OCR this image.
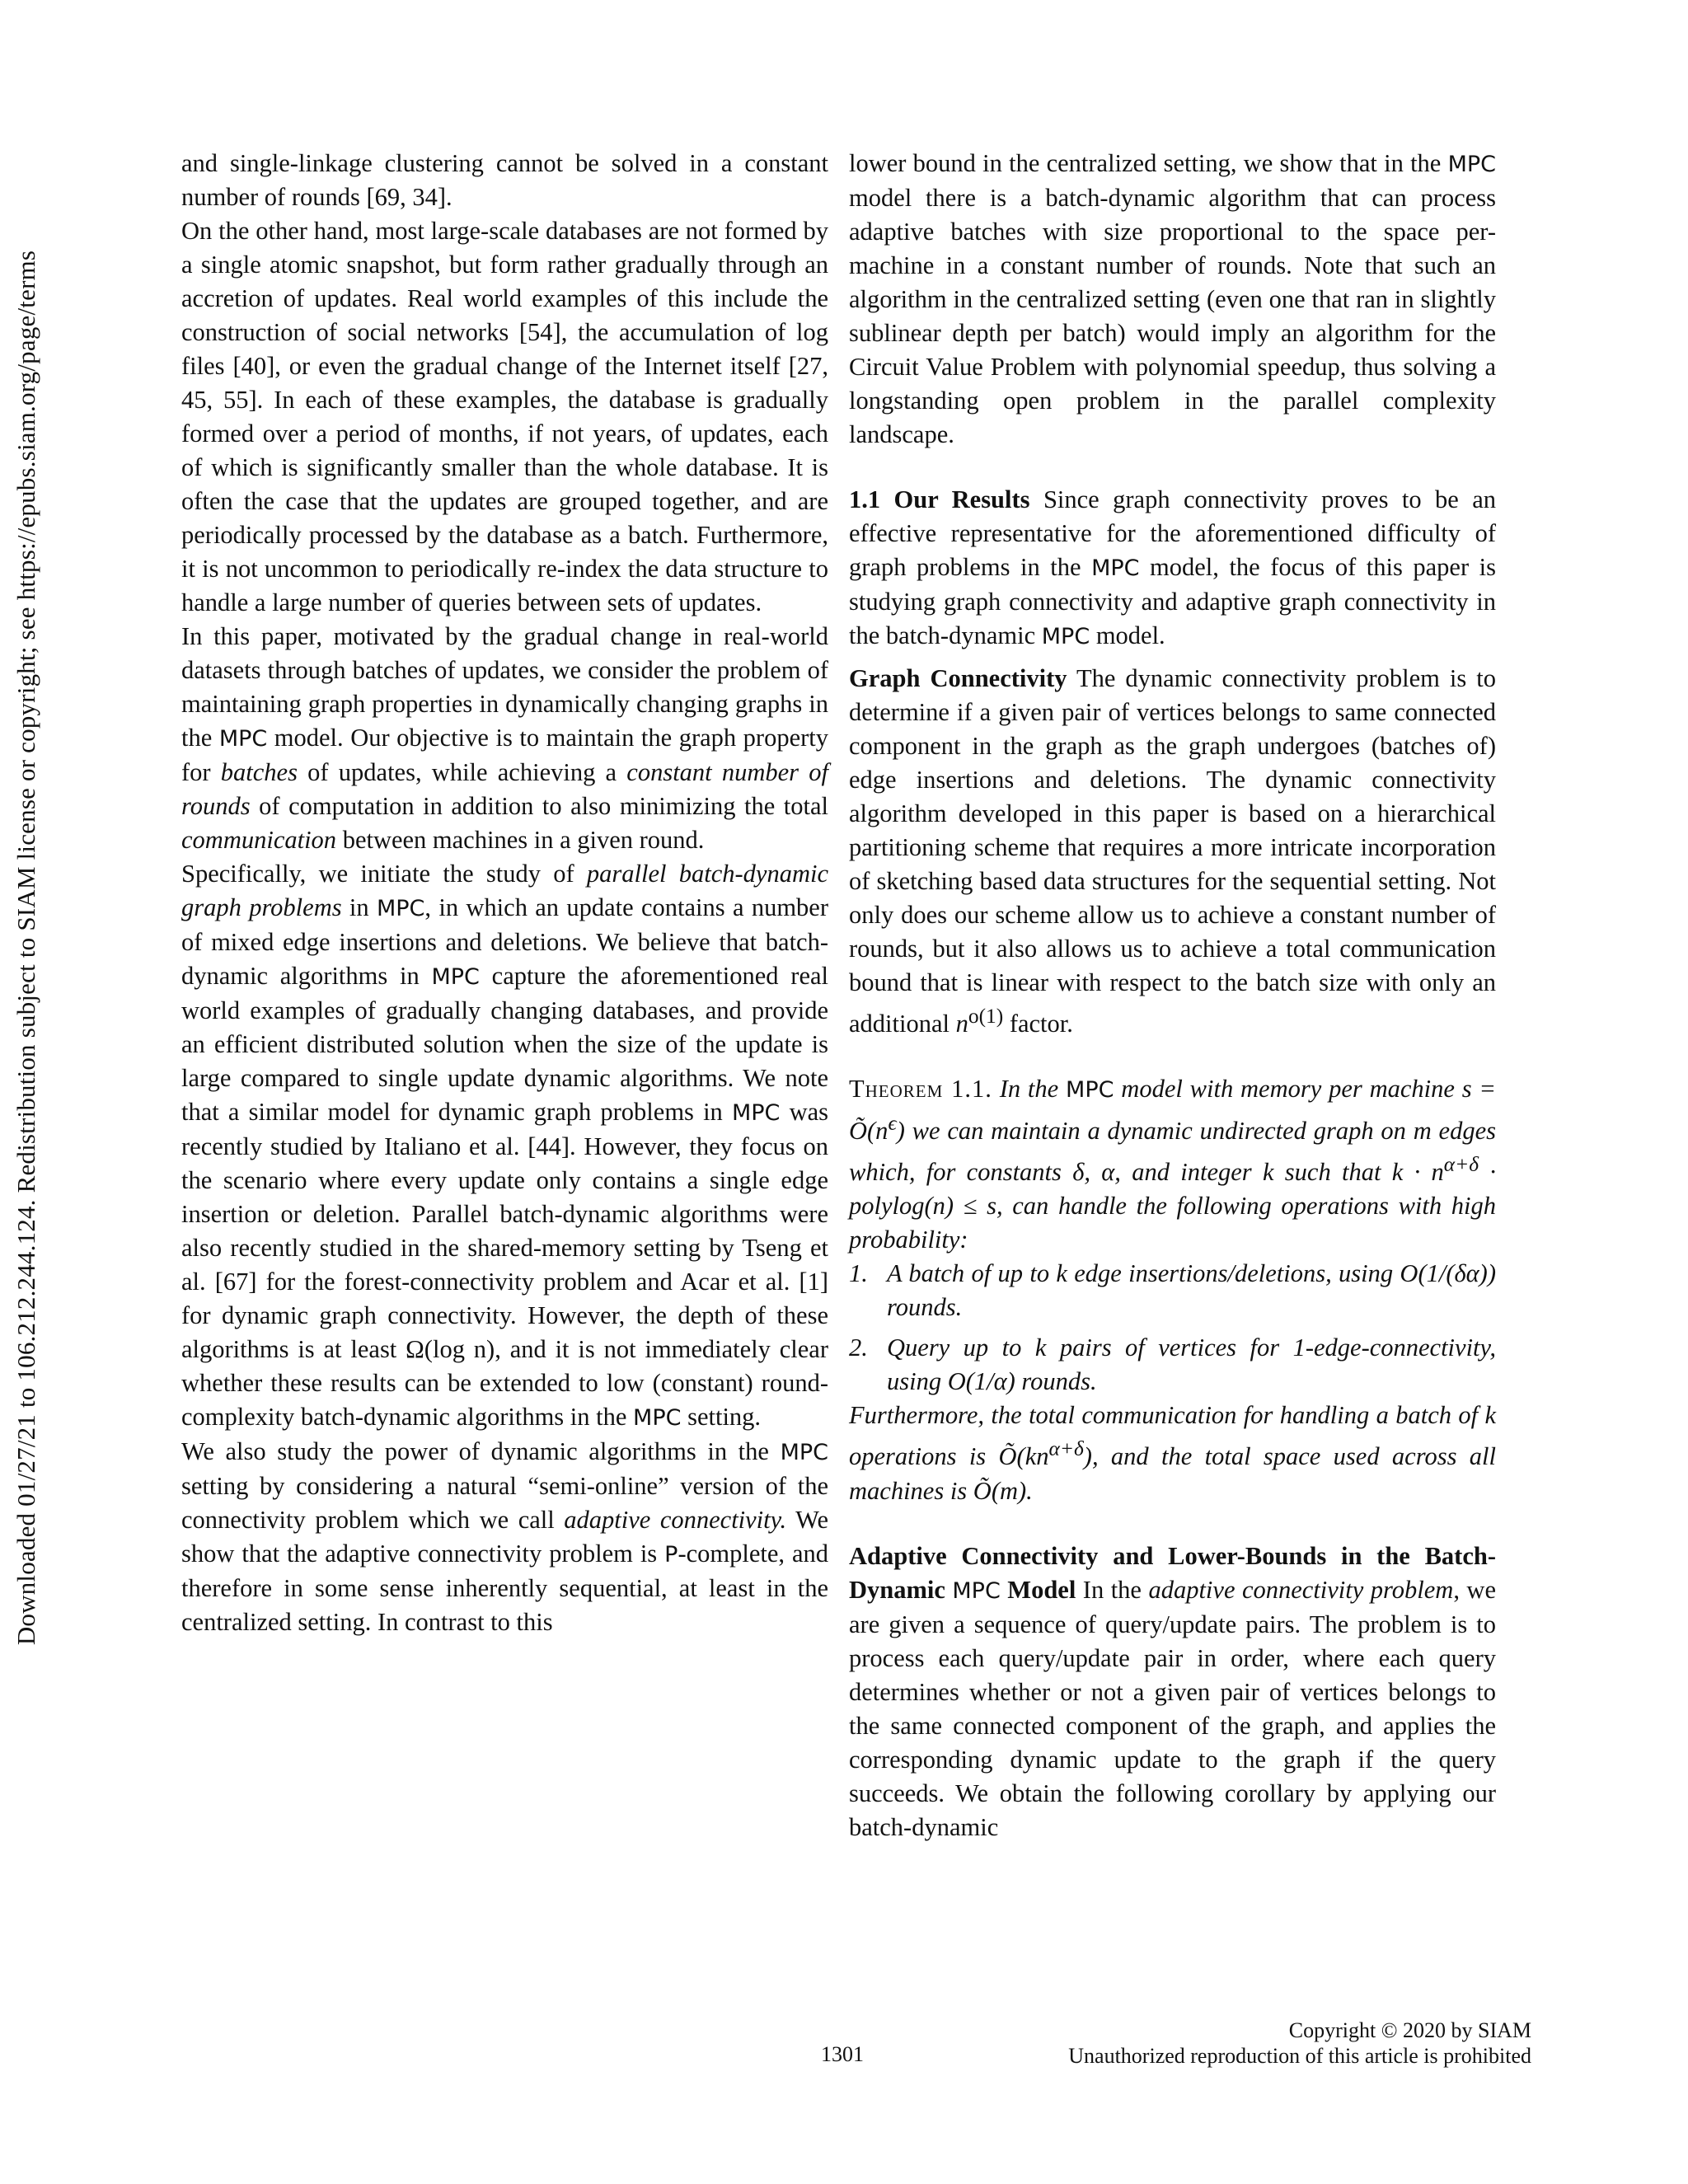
Downloaded 01/27/21 to 106.212.244.124. Redistribution subject to SIAM license or copyright; see https://epubs.siam.org/page/terms

and single-linkage clustering cannot be solved in a constant number of rounds [69, 34].

On the other hand, most large-scale databases are not formed by a single atomic snapshot, but form rather gradually through an accretion of updates. Real world examples of this include the construction of social networks [54], the accumulation of log files [40], or even the gradual change of the Internet itself [27, 45, 55]. In each of these examples, the database is gradually formed over a period of months, if not years, of updates, each of which is significantly smaller than the whole database. It is often the case that the updates are grouped together, and are periodically processed by the database as a batch. Furthermore, it is not uncommon to periodically re-index the data structure to handle a large number of queries between sets of updates.

In this paper, motivated by the gradual change in real-world datasets through batches of updates, we consider the problem of maintaining graph properties in dynamically changing graphs in the MPC model. Our objective is to maintain the graph property for batches of updates, while achieving a constant number of rounds of computation in addition to also minimizing the total communication between machines in a given round.

Specifically, we initiate the study of parallel batch-dynamic graph problems in MPC, in which an update contains a number of mixed edge insertions and deletions. We believe that batch-dynamic algorithms in MPC capture the aforementioned real world examples of gradually changing databases, and provide an efficient distributed solution when the size of the update is large compared to single update dynamic algorithms. We note that a similar model for dynamic graph problems in MPC was recently studied by Italiano et al. [44]. However, they focus on the scenario where every update only contains a single edge insertion or deletion. Parallel batch-dynamic algorithms were also recently studied in the shared-memory setting by Tseng et al. [67] for the forest-connectivity problem and Acar et al. [1] for dynamic graph connectivity. However, the depth of these algorithms is at least Ω(log n), and it is not immediately clear whether these results can be extended to low (constant) round-complexity batch-dynamic algorithms in the MPC setting.

We also study the power of dynamic algorithms in the MPC setting by considering a natural “semi-online” version of the connectivity problem which we call adaptive connectivity. We show that the adaptive connectivity problem is P-complete, and therefore in some sense inherently sequential, at least in the centralized setting. In contrast to this

lower bound in the centralized setting, we show that in the MPC model there is a batch-dynamic algorithm that can process adaptive batches with size proportional to the space per-machine in a constant number of rounds. Note that such an algorithm in the centralized setting (even one that ran in slightly sublinear depth per batch) would imply an algorithm for the Circuit Value Problem with polynomial speedup, thus solving a longstanding open problem in the parallel complexity landscape.

1.1 Our Results Since graph connectivity proves to be an effective representative for the aforementioned difficulty of graph problems in the MPC model, the focus of this paper is studying graph connectivity and adaptive graph connectivity in the batch-dynamic MPC model.

Graph Connectivity The dynamic connectivity problem is to determine if a given pair of vertices belongs to same connected component in the graph as the graph undergoes (batches of) edge insertions and deletions. The dynamic connectivity algorithm developed in this paper is based on a hierarchical partitioning scheme that requires a more intricate incorporation of sketching based data structures for the sequential setting. Not only does our scheme allow us to achieve a constant number of rounds, but it also allows us to achieve a total communication bound that is linear with respect to the batch size with only an additional $n^{o(1)}$ factor.

Theorem 1.1. In the MPC model with memory per machine $s = Õ(n^\epsilon)$ we can maintain a dynamic undirected graph on m edges which, for constants δ, α, and integer k such that $k \cdot n^{\alpha+\delta}$ · polylog(n) ≤ s, can handle the following operations with high probability:

1. A batch of up to k edge insertions/deletions, using O(1/(δα)) rounds.
2. Query up to k pairs of vertices for 1-edge-connectivity, using O(1/α) rounds.

Furthermore, the total communication for handling a batch of k operations is $Õ(kn^{\alpha+\delta})$, and the total space used across all machines is Õ(m).

Adaptive Connectivity and Lower-Bounds in the Batch-Dynamic MPC Model In the adaptive connectivity problem, we are given a sequence of query/update pairs. The problem is to process each query/update pair in order, where each query determines whether or not a given pair of vertices belongs to the same connected component of the graph, and applies the corresponding dynamic update to the graph if the query succeeds. We obtain the following corollary by applying our batch-dynamic

Copyright © 2020 by SIAM
Unauthorized reproduction of this article is prohibited
1301
